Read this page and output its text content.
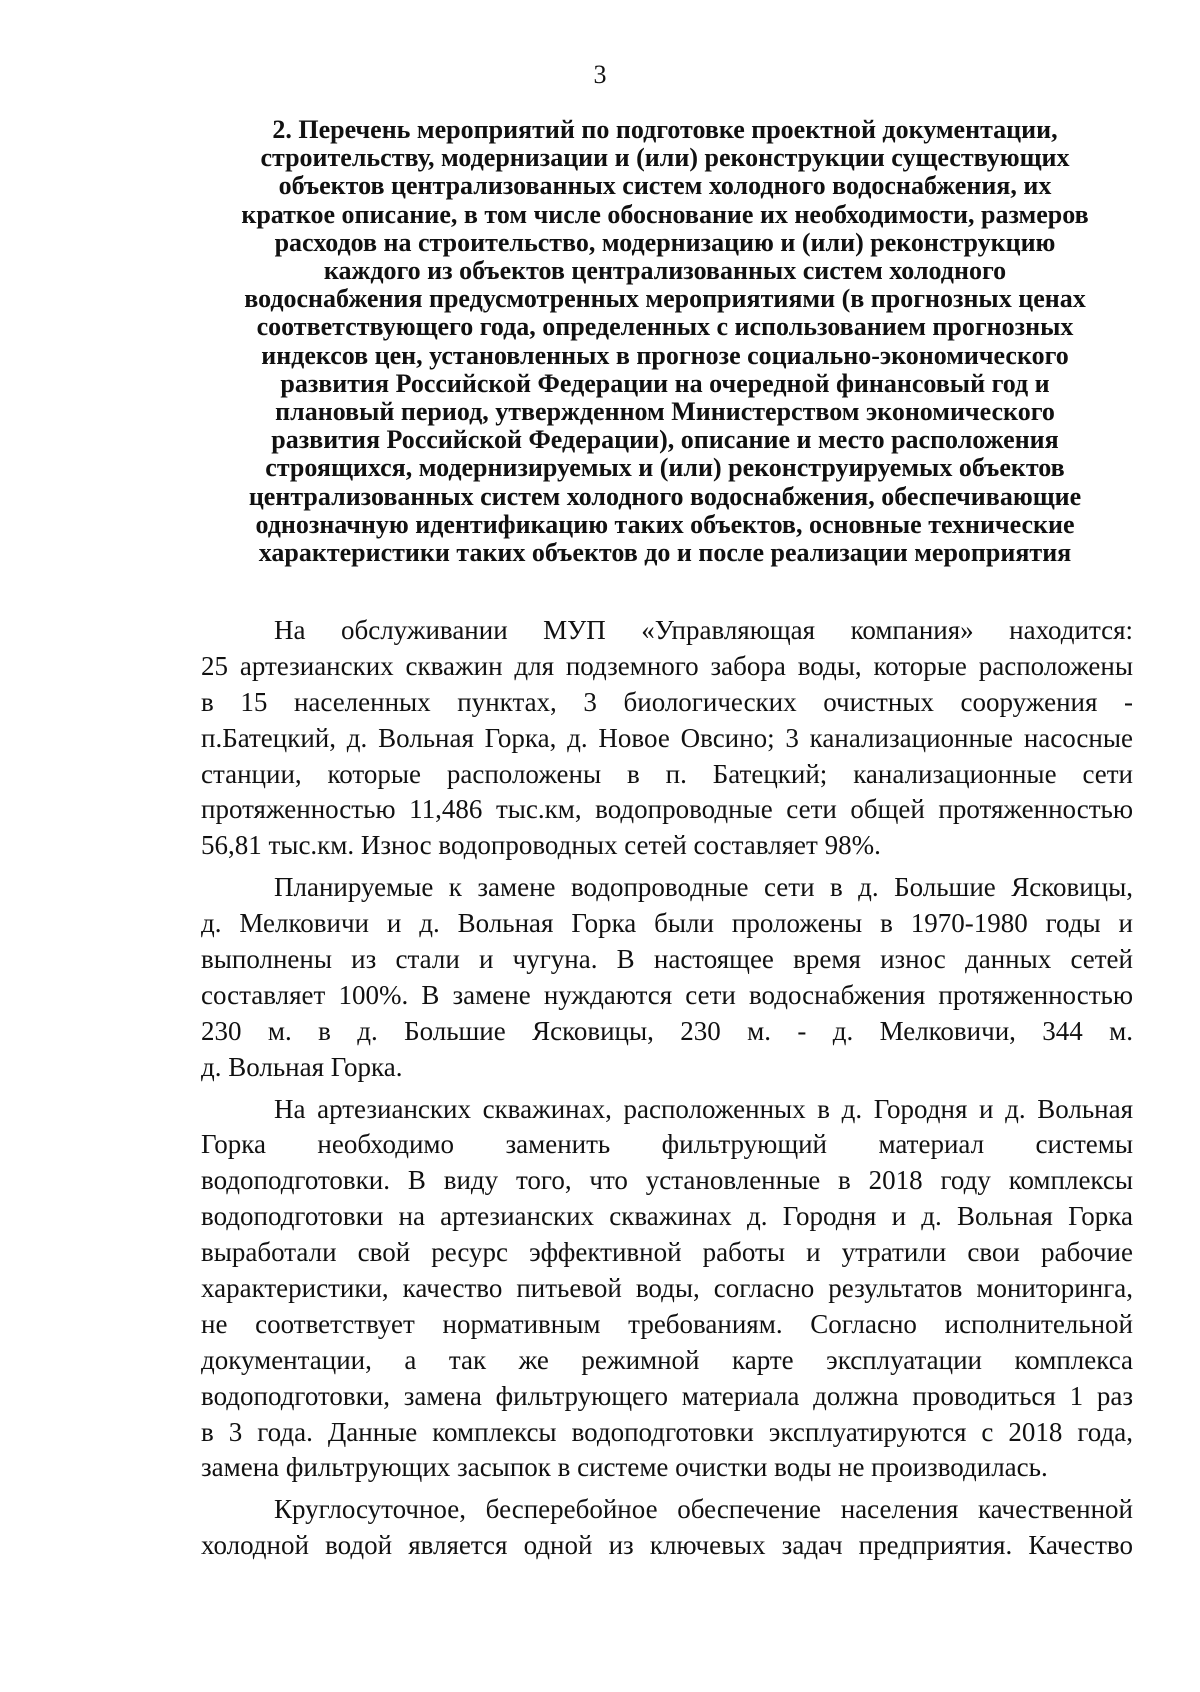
3
2. Перечень мероприятий по подготовке проектной документации,
строительству, модернизации и (или) реконструкции существующих
объектов централизованных систем холодного водоснабжения, их
краткое описание, в том числе обоснование их необходимости, размеров
расходов на строительство, модернизацию и (или) реконструкцию
каждого из объектов централизованных систем холодного
водоснабжения предусмотренных мероприятиями (в прогнозных ценах
соответствующего года, определенных с использованием прогнозных
индексов цен, установленных в прогнозе социально-экономического
развития Российской Федерации на очередной финансовый год и
плановый период, утвержденном Министерством экономического
развития Российской Федерации), описание и место расположения
строящихся, модернизируемых и (или) реконструируемых объектов
централизованных систем холодного водоснабжения, обеспечивающие
однозначную идентификацию таких объектов, основные технические
характеристики таких объектов до и после реализации мероприятия
На обслуживании МУП «Управляющая компания» находится:
25 артезианских скважин для подземного забора воды, которые расположены
в 15 населенных пунктах, 3 биологических очистных сооружения -
п.Батецкий, д. Вольная Горка, д. Новое Овсино; 3 канализационные насосные
станции, которые расположены в п. Батецкий; канализационные сети
протяженностью 11,486 тыс.км, водопроводные сети общей протяженностью
56,81 тыс.км. Износ водопроводных сетей составляет 98%.
Планируемые к замене водопроводные сети в д. Большие Ясковицы,
д. Мелковичи и д. Вольная Горка были проложены в 1970-1980 годы и
выполнены из стали и чугуна. В настоящее время износ данных сетей
составляет 100%. В замене нуждаются сети водоснабжения протяженностью
230 м. в д. Большие Ясковицы, 230 м. - д. Мелковичи, 344 м.
д. Вольная Горка.
На артезианских скважинах, расположенных в д. Городня и д. Вольная
Горка необходимо заменить фильтрующий материал системы
водоподготовки. В виду того, что установленные в 2018 году комплексы
водоподготовки на артезианских скважинах д. Городня и д. Вольная Горка
выработали свой ресурс эффективной работы и утратили свои рабочие
характеристики, качество питьевой воды, согласно результатов мониторинга,
не соответствует нормативным требованиям. Согласно исполнительной
документации, а так же режимной карте эксплуатации комплекса
водоподготовки, замена фильтрующего материала должна проводиться 1 раз
в 3 года. Данные комплексы водоподготовки эксплуатируются с 2018 года,
замена фильтрующих засыпок в системе очистки воды не производилась.
Круглосуточное, бесперебойное обеспечение населения качественной
холодной водой является одной из ключевых задач предприятия. Качество
